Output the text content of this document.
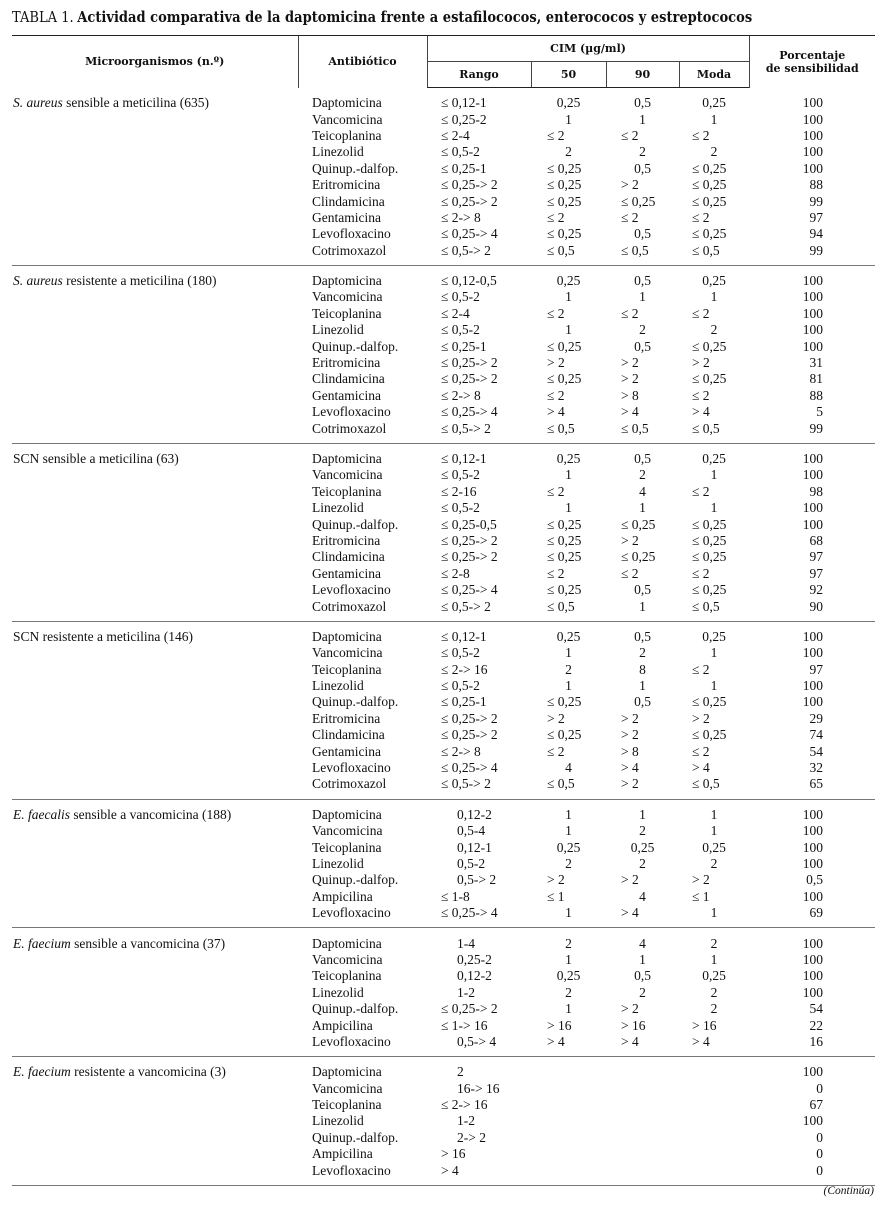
TABLA 1. Actividad comparativa de la daptomicina frente a estafilococos, enterococos y estreptococos
Microorganismos (n.º)	Antibiótico	CIM (µg/ml)				Porcentaje
de sensibilidad

		Rango	50	90	Moda	
S. aureus sensible a meticilina (635)	Daptomicina	≤ 0,12-1	0,25	0,5	0,25	100
	Vancomicina	≤ 0,25-2	1	1	1	100
	Teicoplanina	≤ 2-4	≤ 2	≤ 2	≤ 2	100
	Linezolid	≤ 0,5-2	2	2	2	100
	Quinup.-dalfop.	≤ 0,25-1	≤ 0,25	0,5	≤ 0,25	100
	Eritromicina	≤ 0,25-> 2	≤ 0,25	> 2	≤ 0,25	88
	Clindamicina	≤ 0,25-> 2	≤ 0,25	≤ 0,25	≤ 0,25	99
	Gentamicina	≤ 2-> 8	≤ 2	≤ 2	≤ 2	97
	Levofloxacino	≤ 0,25-> 4	≤ 0,25	0,5	≤ 0,25	94
	Cotrimoxazol	≤ 0,5-> 2	≤ 0,5	≤ 0,5	≤ 0,5	99
S. aureus resistente a meticilina (180)	Daptomicina	≤ 0,12-0,5	0,25	0,5	0,25	100
	Vancomicina	≤ 0,5-2	1	1	1	100
	Teicoplanina	≤ 2-4	≤ 2	≤ 2	≤ 2	100
	Linezolid	≤ 0,5-2	1	2	2	100
	Quinup.-dalfop.	≤ 0,25-1	≤ 0,25	0,5	≤ 0,25	100
	Eritromicina	≤ 0,25-> 2	> 2	> 2	> 2	31
	Clindamicina	≤ 0,25-> 2	≤ 0,25	> 2	≤ 0,25	81
	Gentamicina	≤ 2-> 8	≤ 2	> 8	≤ 2	88
	Levofloxacino	≤ 0,25-> 4	> 4	> 4	> 4	5
	Cotrimoxazol	≤ 0,5-> 2	≤ 0,5	≤ 0,5	≤ 0,5	99
SCN sensible a meticilina (63)	Daptomicina	≤ 0,12-1	0,25	0,5	0,25	100
	Vancomicina	≤ 0,5-2	1	2	1	100
	Teicoplanina	≤ 2-16	≤ 2	4	≤ 2	98
	Linezolid	≤ 0,5-2	1	1	1	100
	Quinup.-dalfop.	≤ 0,25-0,5	≤ 0,25	≤ 0,25	≤ 0,25	100
	Eritromicina	≤ 0,25-> 2	≤ 0,25	> 2	≤ 0,25	68
	Clindamicina	≤ 0,25-> 2	≤ 0,25	≤ 0,25	≤ 0,25	97
	Gentamicina	≤ 2-8	≤ 2	≤ 2	≤ 2	97
	Levofloxacino	≤ 0,25-> 4	≤ 0,25	0,5	≤ 0,25	92
	Cotrimoxazol	≤ 0,5-> 2	≤ 0,5	1	≤ 0,5	90
SCN resistente a meticilina (146)	Daptomicina	≤ 0,12-1	0,25	0,5	0,25	100
	Vancomicina	≤ 0,5-2	1	2	1	100
	Teicoplanina	≤ 2-> 16	2	8	≤ 2	97
	Linezolid	≤ 0,5-2	1	1	1	100
	Quinup.-dalfop.	≤ 0,25-1	≤ 0,25	0,5	≤ 0,25	100
	Eritromicina	≤ 0,25-> 2	> 2	> 2	> 2	29
	Clindamicina	≤ 0,25-> 2	≤ 0,25	> 2	≤ 0,25	74
	Gentamicina	≤ 2-> 8	≤ 2	> 8	≤ 2	54
	Levofloxacino	≤ 0,25-> 4	4	> 4	> 4	32
	Cotrimoxazol	≤ 0,5-> 2	≤ 0,5	> 2	≤ 0,5	65
E. faecalis sensible a vancomicina (188)	Daptomicina	0,12-2	1	1	1	100
	Vancomicina	0,5-4	1	2	1	100
	Teicoplanina	0,12-1	0,25	0,25	0,25	100
	Linezolid	0,5-2	2	2	2	100
	Quinup.-dalfop.	0,5-> 2	> 2	> 2	> 2	0,5
	Ampicilina	≤ 1-8	≤ 1	4	≤ 1	100
	Levofloxacino	≤ 0,25-> 4	1	> 4	1	69
E. faecium sensible a vancomicina (37)	Daptomicina	1-4	2	4	2	100
	Vancomicina	0,25-2	1	1	1	100
	Teicoplanina	0,12-2	0,25	0,5	0,25	100
	Linezolid	1-2	2	2	2	100
	Quinup.-dalfop.	≤ 0,25-> 2	1	> 2	2	54
	Ampicilina	≤ 1-> 16	> 16	> 16	> 16	22
	Levofloxacino	0,5-> 4	> 4	> 4	> 4	16
E. faecium resistente a vancomicina (3)	Daptomicina	2				100
	Vancomicina	16-> 16				0
	Teicoplanina	≤ 2-> 16				67
	Linezolid	1-2				100
	Quinup.-dalfop.	2-> 2				0
	Ampicilina	> 16				0
	Levofloxacino	> 4				0
(Continúa)
